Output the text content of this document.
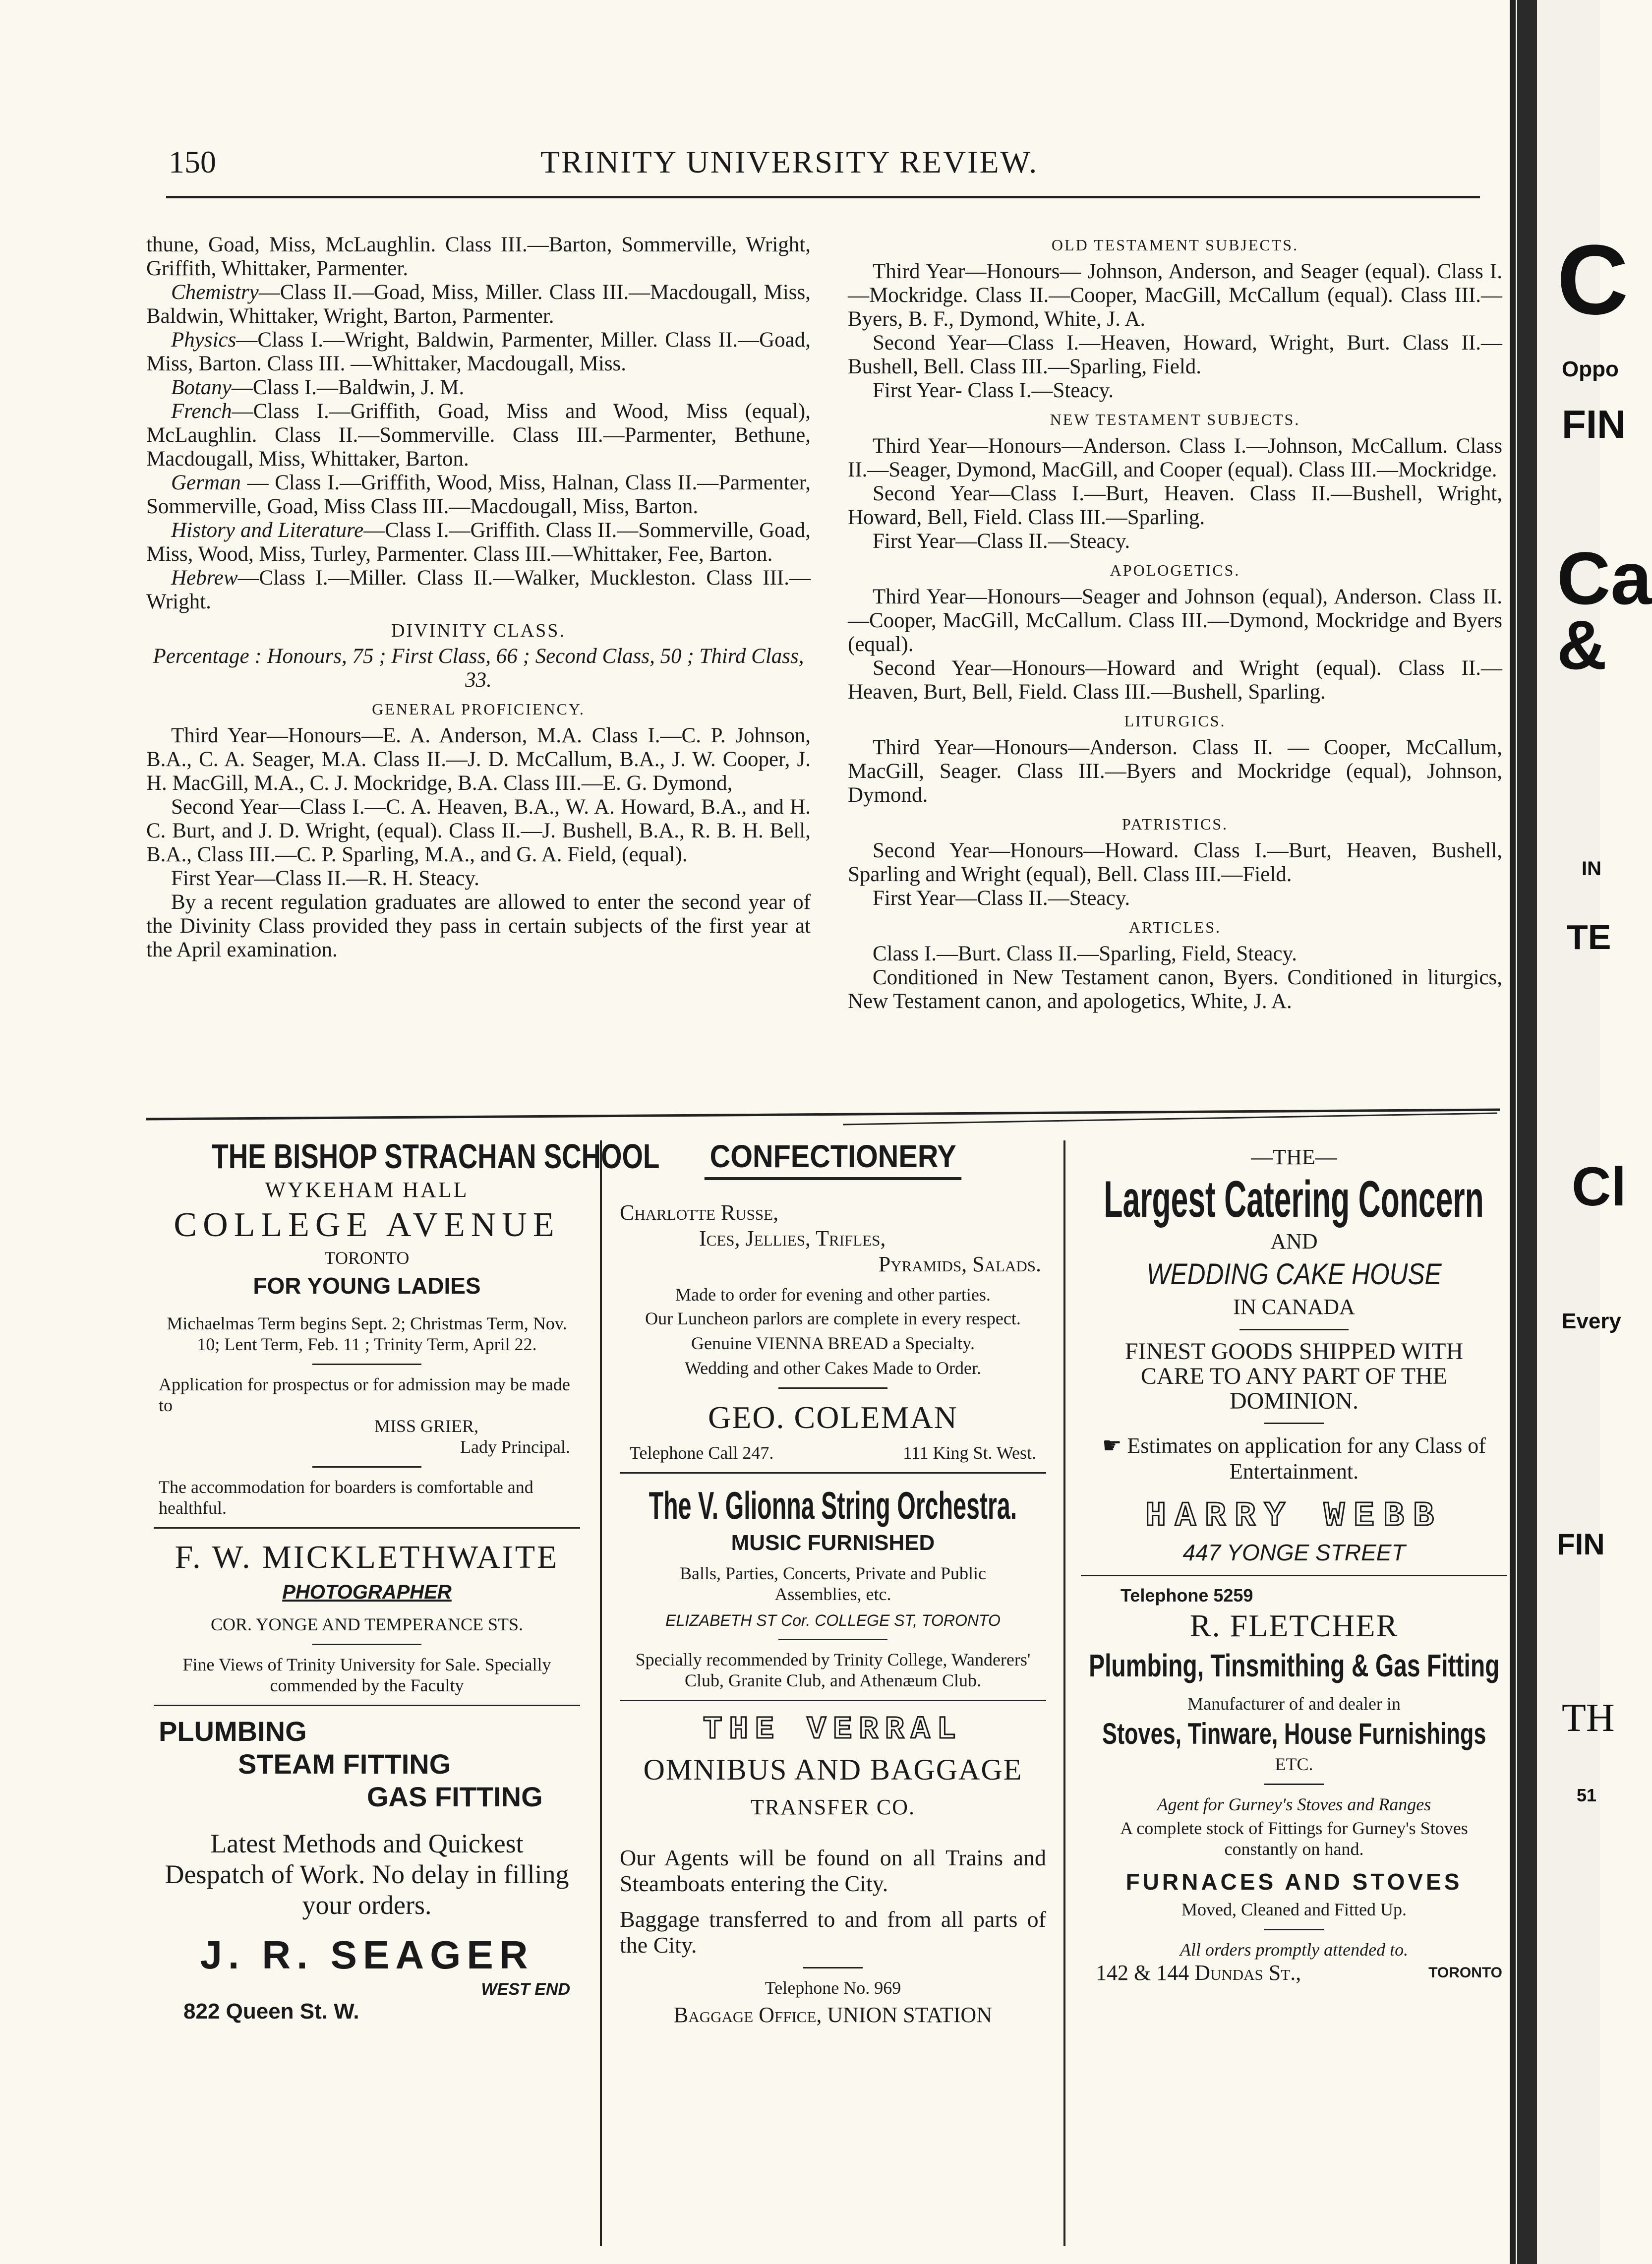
C
Oppo
FIN
Ca
&
IN
TE
Cl
Every
FIN
TH
51
150	TRINITY UNIVERSITY REVIEW.

thune, Goad, Miss, McLaughlin. Class III.—Barton, Sommerville, Wright, Griffith, Whittaker, Parmenter.

Chemistry—Class II.—Goad, Miss, Miller. Class III.—Macdougall, Miss, Baldwin, Whittaker, Wright, Barton, Parmenter.

Physics—Class I.—Wright, Baldwin, Parmenter, Miller. Class II.—Goad, Miss, Barton. Class III. —Whittaker, Macdougall, Miss.

Botany—Class I.—Baldwin, J. M.

French—Class I.—Griffith, Goad, Miss and Wood, Miss (equal), McLaughlin. Class II.—Sommerville. Class III.—Parmenter, Bethune, Macdougall, Miss, Whittaker, Barton.

German — Class I.—Griffith, Wood, Miss, Halnan, Class II.—Parmenter, Sommerville, Goad, Miss Class III.—Macdougall, Miss, Barton.

History and Literature—Class I.—Griffith. Class II.—Sommerville, Goad, Miss, Wood, Miss, Turley, Parmenter. Class III.—Whittaker, Fee, Barton.

Hebrew—Class I.—Miller. Class II.—Walker, Muckleston. Class III.—Wright.

DIVINITY CLASS.

Percentage : Honours, 75 ; First Class, 66 ; Second Class, 50 ; Third Class, 33.

GENERAL PROFICIENCY.

Third Year—Honours—E. A. Anderson, M.A. Class I.—C. P. Johnson, B.A., C. A. Seager, M.A. Class II.—J. D. McCallum, B.A., J. W. Cooper, J. H. MacGill, M.A., C. J. Mockridge, B.A. Class III.—E. G. Dymond,

Second Year—Class I.—C. A. Heaven, B.A., W. A. Howard, B.A., and H. C. Burt, and J. D. Wright, (equal). Class II.—J. Bushell, B.A., R. B. H. Bell, B.A., Class III.—C. P. Sparling, M.A., and G. A. Field, (equal).

First Year—Class II.—R. H. Steacy.

By a recent regulation graduates are allowed to enter the second year of the Divinity Class provided they pass in certain subjects of the first year at the April examination.

OLD TESTAMENT SUBJECTS.

Third Year—Honours— Johnson, Anderson, and Seager (equal). Class I.—Mockridge. Class II.—Cooper, MacGill, McCallum (equal). Class III.—Byers, B. F., Dymond, White, J. A.

Second Year—Class I.—Heaven, Howard, Wright, Burt. Class II.—Bushell, Bell. Class III.—Sparling, Field.

First Year- Class I.—Steacy.

NEW TESTAMENT SUBJECTS.

Third Year—Honours—Anderson. Class I.—Johnson, McCallum. Class II.—Seager, Dymond, MacGill, and Cooper (equal). Class III.—Mockridge.

Second Year—Class I.—Burt, Heaven. Class II.—Bushell, Wright, Howard, Bell, Field. Class III.—Sparling.

First Year—Class II.—Steacy.

APOLOGETICS.

Third Year—Honours—Seager and Johnson (equal), Anderson. Class II.—Cooper, MacGill, McCallum. Class III.—Dymond, Mockridge and Byers (equal).

Second Year—Honours—Howard and Wright (equal). Class II.—Heaven, Burt, Bell, Field. Class III.—Bushell, Sparling.

LITURGICS.

Third Year—Honours—Anderson. Class II. — Cooper, McCallum, MacGill, Seager. Class III.—Byers and Mockridge (equal), Johnson, Dymond.

PATRISTICS.

Second Year—Honours—Howard. Class I.—Burt, Heaven, Bushell, Sparling and Wright (equal), Bell. Class III.—Field.

First Year—Class II.—Steacy.

ARTICLES.

Class I.—Burt. Class II.—Sparling, Field, Steacy.

Conditioned in New Testament canon, Byers. Conditioned in liturgics, New Testament canon, and apologetics, White, J. A.

THE BISHOP STRACHAN SCHOOL
WYKEHAM HALL
COLLEGE AVENUE
TORONTO
FOR YOUNG LADIES
Michaelmas Term begins Sept. 2; Christmas Term, Nov. 10; Lent Term, Feb. 11 ; Trinity Term, April 22.
Application for prospectus or for admission may be made to
MISS GRIER,
Lady Principal.
The accommodation for boarders is comfortable and healthful.
F. W. MICKLETHWAITE
PHOTOGRAPHER
COR. YONGE AND TEMPERANCE STS.
Fine Views of Trinity University for Sale. Specially commended by the Faculty
PLUMBING
STEAM FITTING
GAS FITTING
Latest Methods and Quickest Despatch of Work. No delay in filling your orders.
J. R. SEAGER
WEST END
822 Queen St. W.
CONFECTIONERY
Charlotte Russe,
Ices, Jellies, Trifles,
Pyramids, Salads.
Made to order for evening and other parties.
Our Luncheon parlors are complete in every respect.
Genuine VIENNA BREAD a Specialty.
Wedding and other Cakes Made to Order.
GEO. COLEMAN
Telephone Call 247.	111 King St. West.
The V. Glionna String Orchestra.
MUSIC FURNISHED
Balls, Parties, Concerts, Private and Public Assemblies, etc.
ELIZABETH ST Cor. COLLEGE ST, TORONTO
Specially recommended by Trinity College, Wanderers' Club, Granite Club, and Athenæum Club.
THE VERRAL
OMNIBUS AND BAGGAGE
TRANSFER CO.
Our Agents will be found on all Trains and Steamboats entering the City.
Baggage transferred to and from all parts of the City.
Telephone No. 969
Baggage Office, UNION STATION
—THE—
Largest Catering Concern
AND
WEDDING CAKE HOUSE
IN CANADA
FINEST GOODS SHIPPED WITH CARE TO ANY PART OF THE DOMINION.
☛ Estimates on application for any Class of Entertainment.
HARRY WEBB
447 YONGE STREET
Telephone 5259
R. FLETCHER
Plumbing, Tinsmithing & Gas Fitting
Manufacturer of and dealer in
Stoves, Tinware, House Furnishings
ETC.
Agent for Gurney's Stoves and Ranges
A complete stock of Fittings for Gurney's Stoves constantly on hand.
FURNACES AND STOVES
Moved, Cleaned and Fitted Up.
All orders promptly attended to.
142 & 144 Dundas St.,	TORONTO
